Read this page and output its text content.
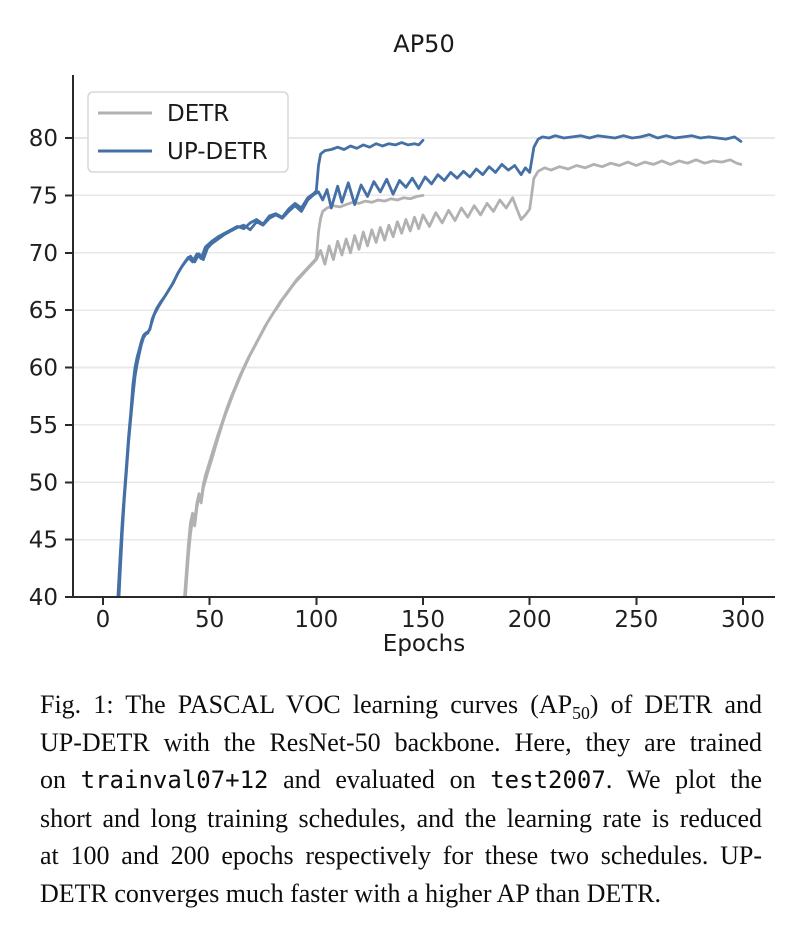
0	50	100	150	200	250	300
40
45
50
55
60
65
70
75
80
AP50
Epochs
DETR
UP-DETR
Fig. 1: The PASCAL VOC learning curves $(AP_{50})$ of DETR and
UP-DETR with the ResNet-50 backbone. Here, they are trained
on trainval07+12 and evaluated on test2007. We plot the
short and long training schedules, and the learning rate is reduced
at 100 and 200 epochs respectively for these two schedules. UP-
DETR converges much faster with a higher AP than DETR.
